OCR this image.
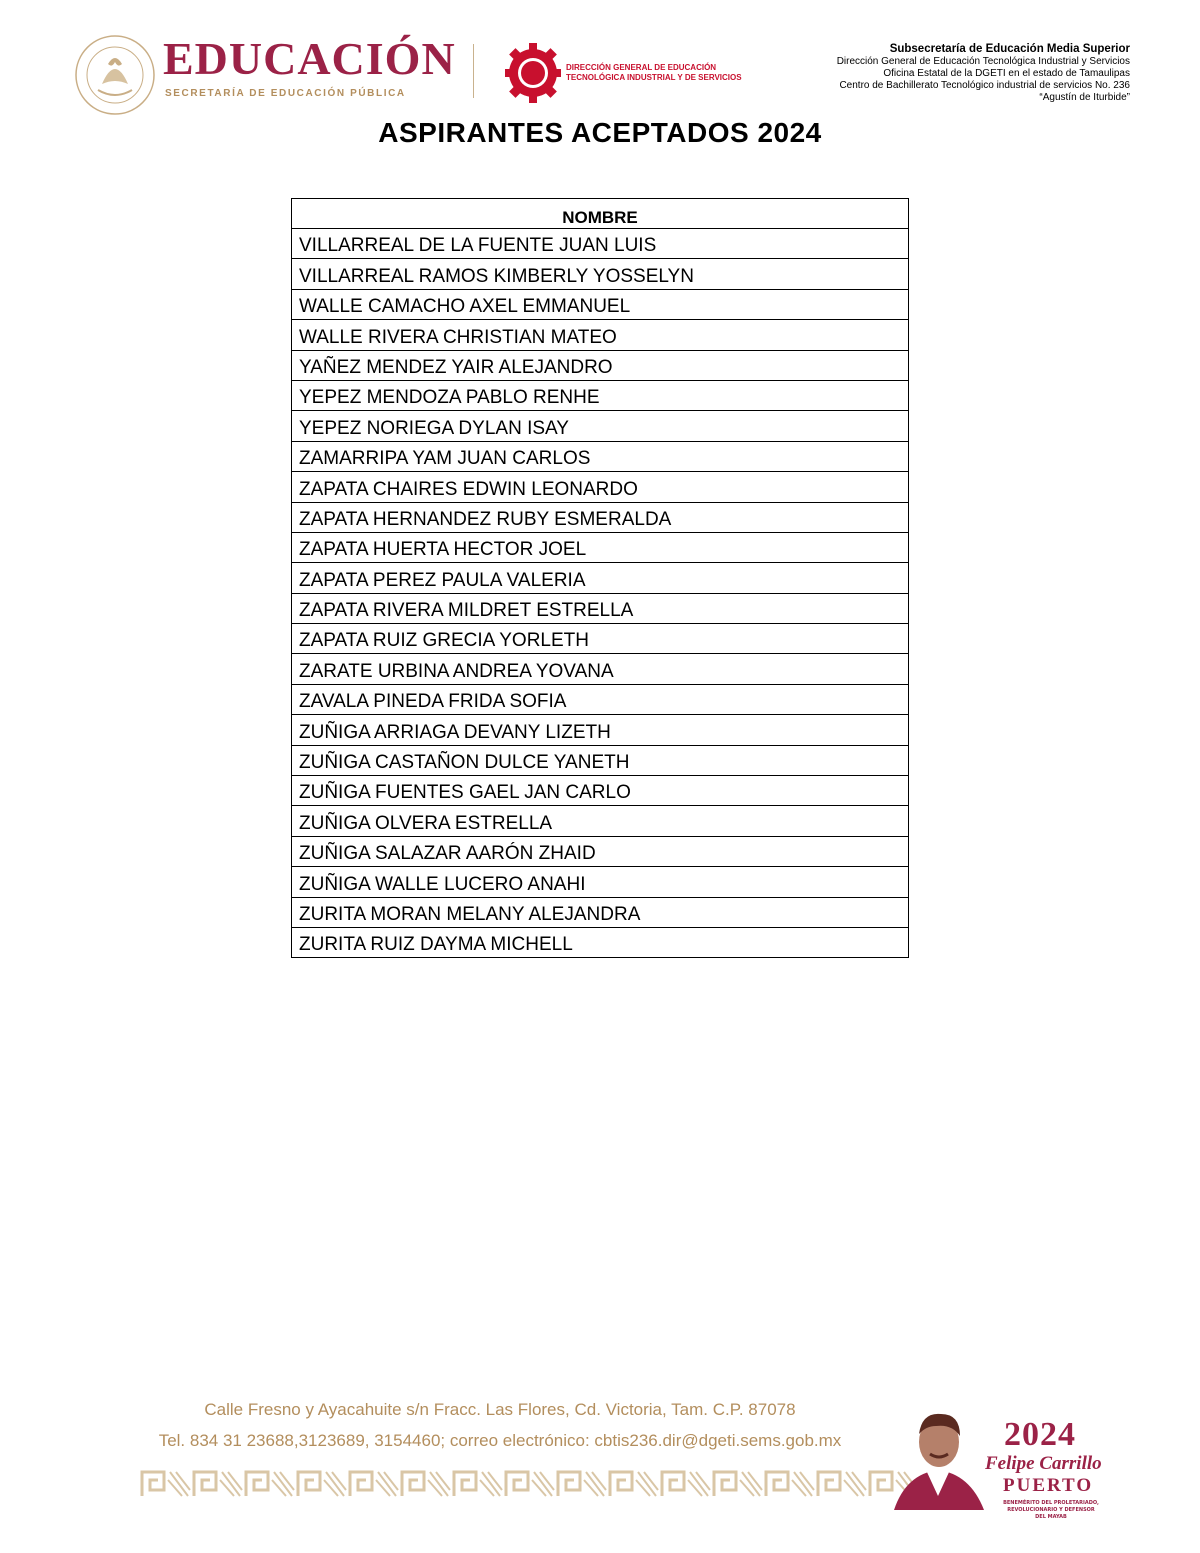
EDUCACIÓN
SECRETARÍA DE EDUCACIÓN PÚBLICA
DIRECCIÓN GENERAL DE EDUCACIÓN
TECNOLÓGICA INDUSTRIAL Y DE SERVICIOS
Subsecretaría de Educación Media Superior
Dirección General de Educación Tecnológica Industrial y Servicios
Oficina Estatal de la DGETI en el estado de Tamaulipas
Centro de Bachillerato Tecnológico industrial de servicios No. 236
“Agustín de Iturbide”
ASPIRANTES ACEPTADOS 2024
NOMBRE
VILLARREAL DE LA FUENTE JUAN LUIS
VILLARREAL RAMOS KIMBERLY YOSSELYN
WALLE CAMACHO AXEL EMMANUEL
WALLE RIVERA CHRISTIAN MATEO
YAÑEZ MENDEZ YAIR ALEJANDRO
YEPEZ MENDOZA PABLO RENHE
YEPEZ NORIEGA DYLAN ISAY
ZAMARRIPA YAM JUAN CARLOS
ZAPATA CHAIRES EDWIN LEONARDO
ZAPATA HERNANDEZ RUBY ESMERALDA
ZAPATA HUERTA HECTOR JOEL
ZAPATA PEREZ PAULA VALERIA
ZAPATA RIVERA MILDRET ESTRELLA
ZAPATA RUIZ GRECIA YORLETH
ZARATE URBINA ANDREA YOVANA
ZAVALA PINEDA FRIDA SOFIA
ZUÑIGA ARRIAGA DEVANY LIZETH
ZUÑIGA CASTAÑON DULCE YANETH
ZUÑIGA FUENTES GAEL JAN CARLO
ZUÑIGA OLVERA ESTRELLA
ZUÑIGA SALAZAR AARÓN ZHAID
ZUÑIGA WALLE LUCERO ANAHI
ZURITA MORAN MELANY ALEJANDRA
ZURITA RUIZ DAYMA MICHELL
Calle Fresno y Ayacahuite s/n Fracc. Las Flores, Cd. Victoria, Tam. C.P. 87078
Tel. 834 31 23688,3123689, 3154460; correo electrónico: cbtis236.dir@dgeti.sems.gob.mx	2024
Felipe Carrillo
PUERTO
BENEMÉRITO DEL PROLETARIADO,
REVOLUCIONARIO Y DEFENSOR
DEL MAYAB
